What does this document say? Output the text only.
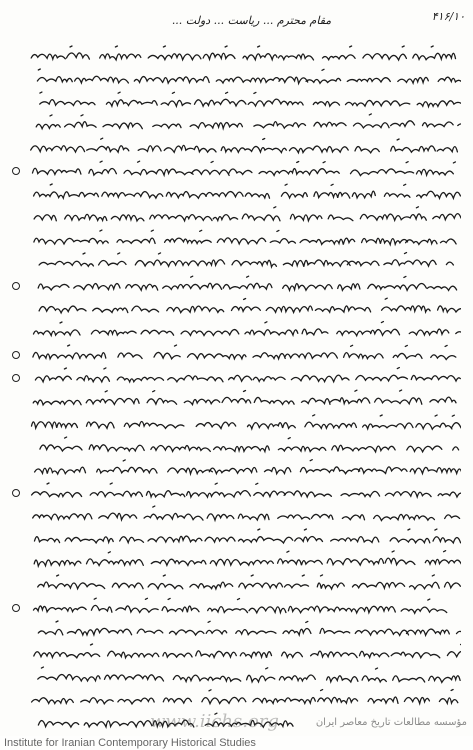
۴۱۶/۱۰
مقام محترم ... ریاست ... دولت ...
مؤسسه مطالعات تاریخ معاصر ایران
www.iichs.org
Institute for Iranian Contemporary Historical Studies
